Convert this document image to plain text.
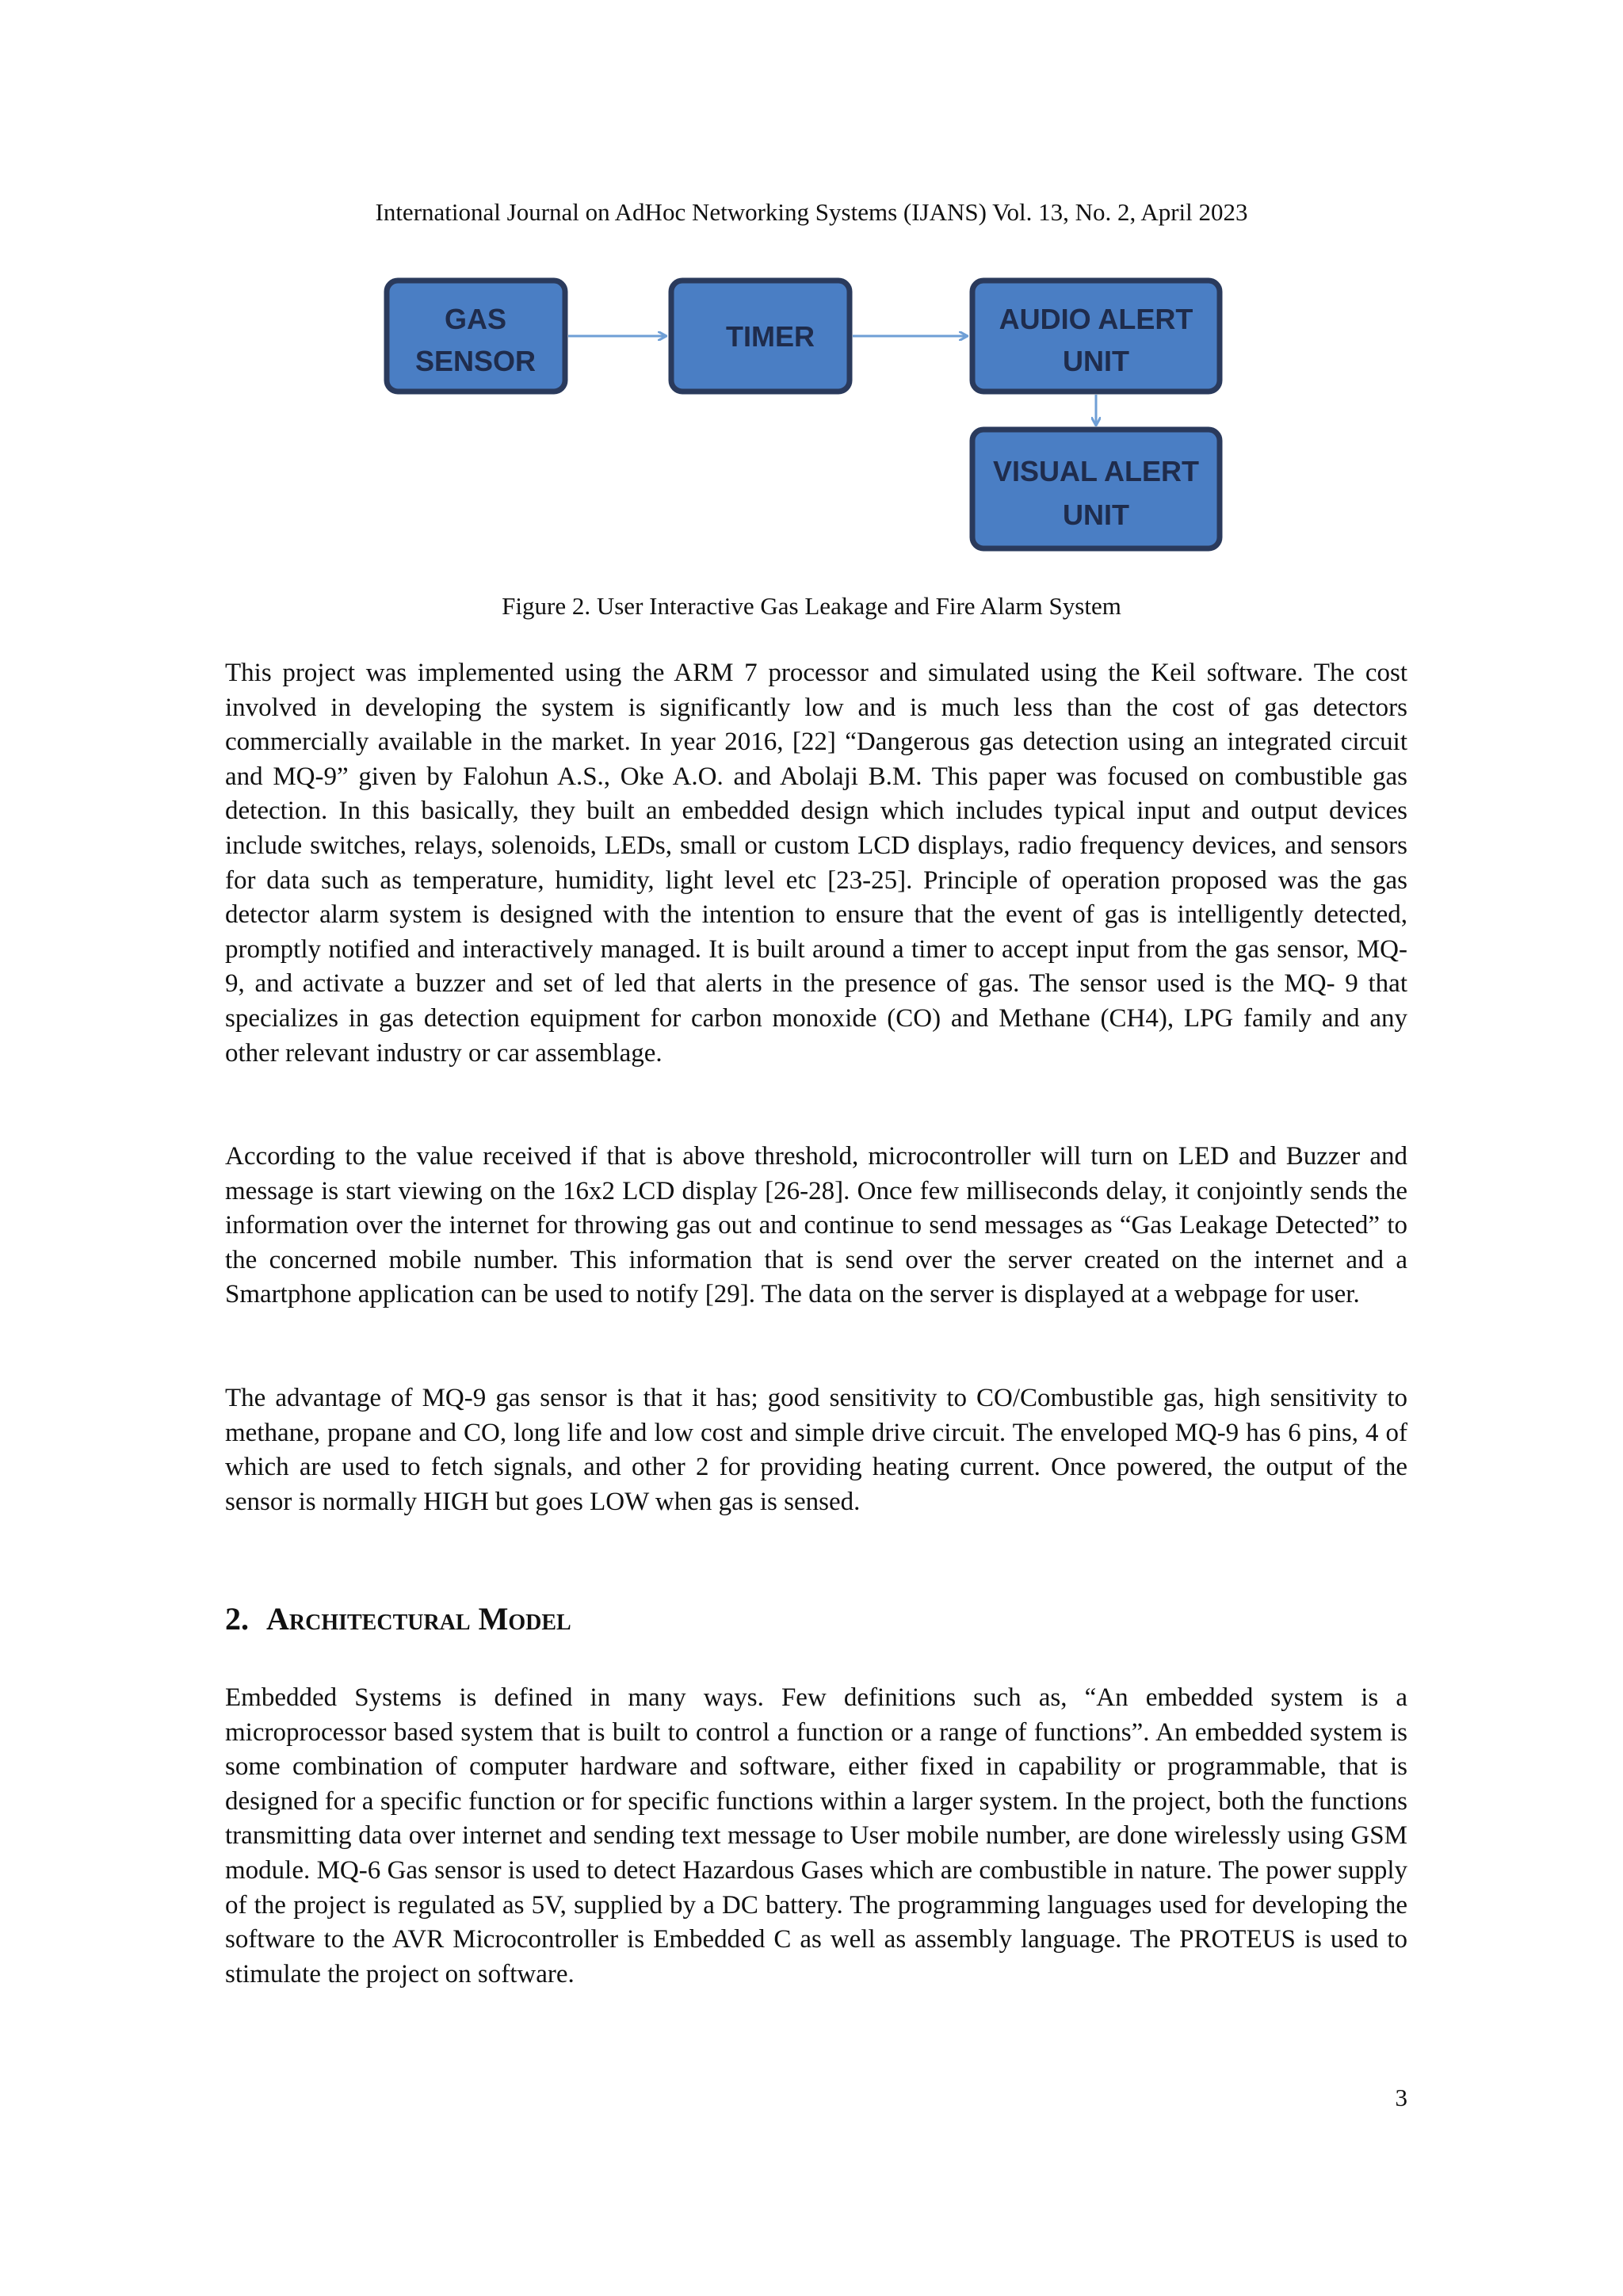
International Journal on AdHoc Networking Systems (IJANS) Vol. 13, No. 2, April 2023

GAS
SENSOR
TIMER
AUDIO ALERT
UNIT
VISUAL ALERT
UNIT

Figure 2. User Interactive Gas Leakage and Fire Alarm System

This project was implemented using the ARM 7 processor and simulated using the Keil software. The cost involved in developing the system is significantly low and is much less than the cost of gas detectors commercially available in the market. In year 2016, [22] “Dangerous gas detection using an integrated circuit and MQ-9” given by Falohun A.S., Oke A.O. and Abolaji B.M. This paper was focused on combustible gas detection. In this basically, they built an embedded design which includes typical input and output devices include switches, relays, solenoids, LEDs, small or custom LCD displays, radio frequency devices, and sensors for data such as temperature, humidity, light level etc [23-25]. Principle of operation proposed was the gas detector alarm system is designed with the intention to ensure that the event of gas is intelligently detected, promptly notified and interactively managed. It is built around a timer to accept input from the gas sensor, MQ-9, and activate a buzzer and set of led that alerts in the presence of gas. The sensor used is the MQ- 9 that specializes in gas detection equipment for carbon monoxide (CO) and Methane (CH4), LPG family and any other relevant industry or car assemblage.

According to the value received if that is above threshold, microcontroller will turn on LED and Buzzer and message is start viewing on the 16x2 LCD display [26-28]. Once few milliseconds delay, it conjointly sends the information over the internet for throwing gas out and continue to send messages as “Gas Leakage Detected” to the concerned mobile number. This information that is send over the server created on the internet and a Smartphone application can be used to notify [29]. The data on the server is displayed at a webpage for user.

The advantage of MQ-9 gas sensor is that it has; good sensitivity to CO/Combustible gas, high sensitivity to methane, propane and CO, long life and low cost and simple drive circuit. The enveloped MQ-9 has 6 pins, 4 of which are used to fetch signals, and other 2 for providing heating current. Once powered, the output of the sensor is normally HIGH but goes LOW when gas is sensed.

2. Architectural Model

Embedded Systems is defined in many ways. Few definitions such as, “An embedded system is a microprocessor based system that is built to control a function or a range of functions”. An embedded system is some combination of computer hardware and software, either fixed in capability or programmable, that is designed for a specific function or for specific functions within a larger system. In the project, both the functions transmitting data over internet and sending text message to User mobile number, are done wirelessly using GSM module. MQ-6 Gas sensor is used to detect Hazardous Gases which are combustible in nature. The power supply of the project is regulated as 5V, supplied by a DC battery. The programming languages used for developing the software to the AVR Microcontroller is Embedded C as well as assembly language. The PROTEUS is used to stimulate the project on software.

3
